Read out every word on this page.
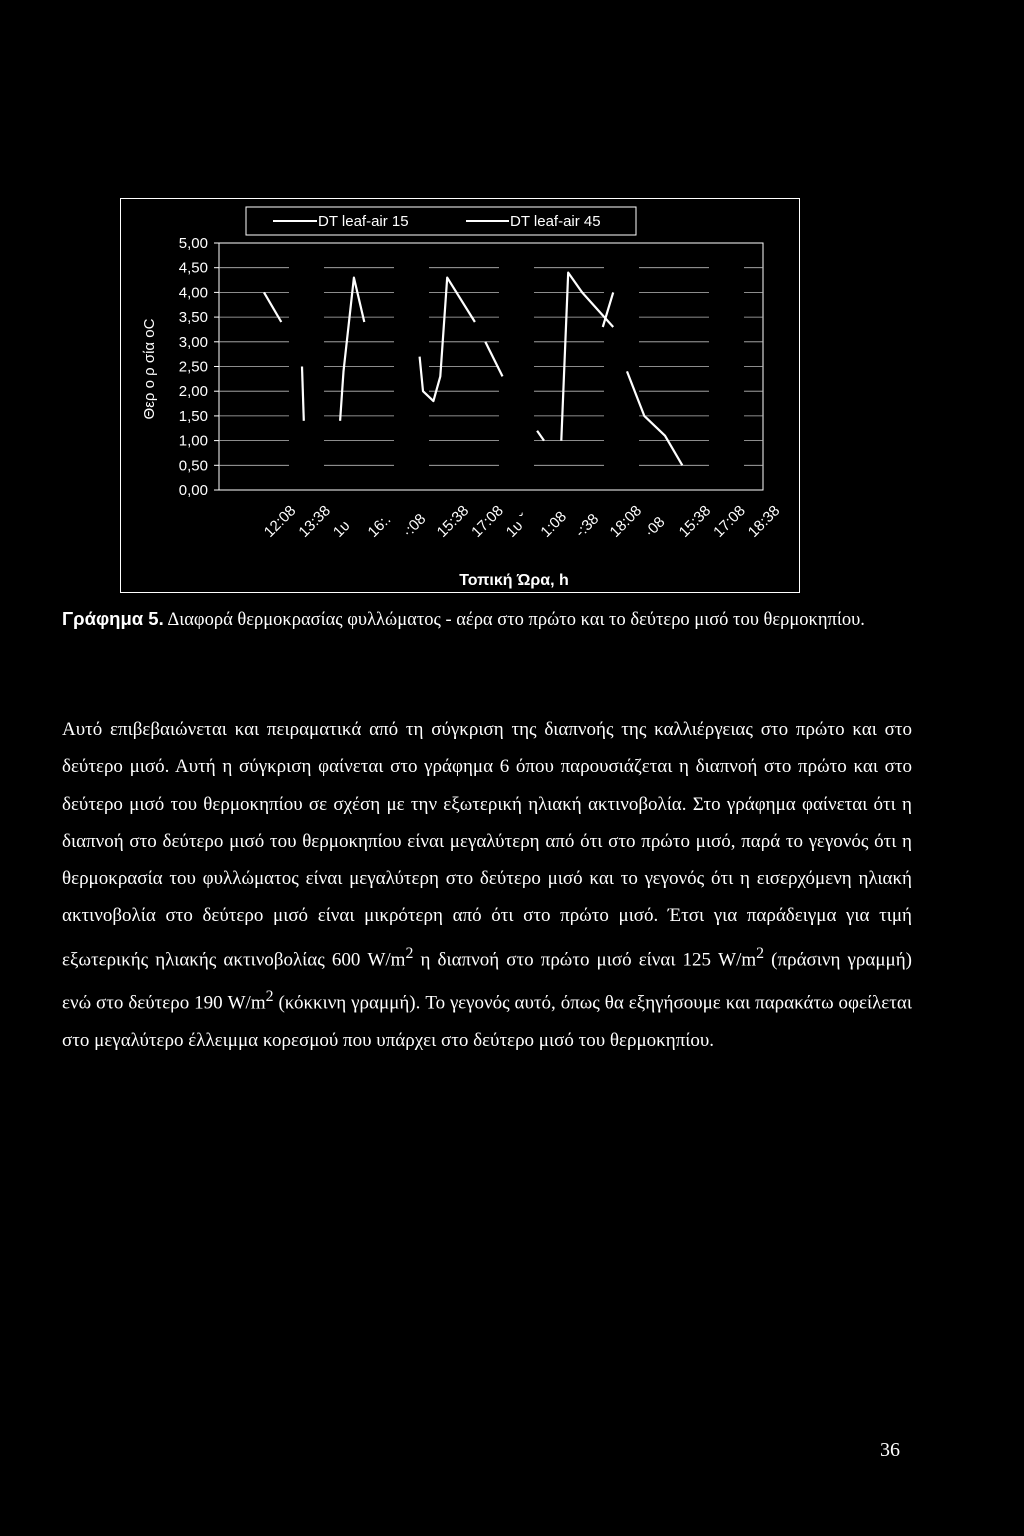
5,00
4,50
4,00
3,50
3,00
2,50
2,00
1,50
1,00
0,50
0,00
Θερ ο ρ σία οC
12:08
13:38
1ʋ 16:. ·:08 15:38
17:08
1ʋ ˇ 1:08 -:38 18:08
·08 15:38
17:08
18:38
Τοπική Ώρα, h
DT leaf-air 15	DT leaf-air 45

Γράφημα 5. Διαφορά θερμοκρασίας φυλλώματος - αέρα στο πρώτο και το δεύτερο μισό του θερμοκηπίου.

Αυτό επιβεβαιώνεται και πειραματικά από τη σύγκριση της διαπνοής της καλλιέργειας στο πρώτο και στο δεύτερο μισό. Αυτή η σύγκριση φαίνεται στο γράφημα 6 όπου παρουσιάζεται η διαπνοή στο πρώτο και στο δεύτερο μισό του θερμοκηπίου σε σχέση με την εξωτερική ηλιακή ακτινοβολία. Στο γράφημα φαίνεται ότι η διαπνοή στο δεύτερο μισό του θερμοκηπίου είναι μεγαλύτερη από ότι στο πρώτο μισό, παρά το γεγονός ότι η θερμοκρασία του φυλλώματος είναι μεγαλύτερη στο δεύτερο μισό και το γεγονός ότι η εισερχόμενη ηλιακή ακτινοβολία στο δεύτερο μισό είναι μικρότερη από ότι στο πρώτο μισό. Έτσι για παράδειγμα για τιμή εξωτερικής ηλιακής ακτινοβολίας 600 $W/m^2$ η διαπνοή στο πρώτο μισό είναι 125 $W/m^2$ (πράσινη γραμμή) ενώ στο δεύτερο 190 $W/m^2$ (κόκκινη γραμμή). Το γεγονός αυτό, όπως θα εξηγήσουμε και παρακάτω οφείλεται στο μεγαλύτερο έλλειμμα κορεσμού που υπάρχει στο δεύτερο μισό του θερμοκηπίου.

36
